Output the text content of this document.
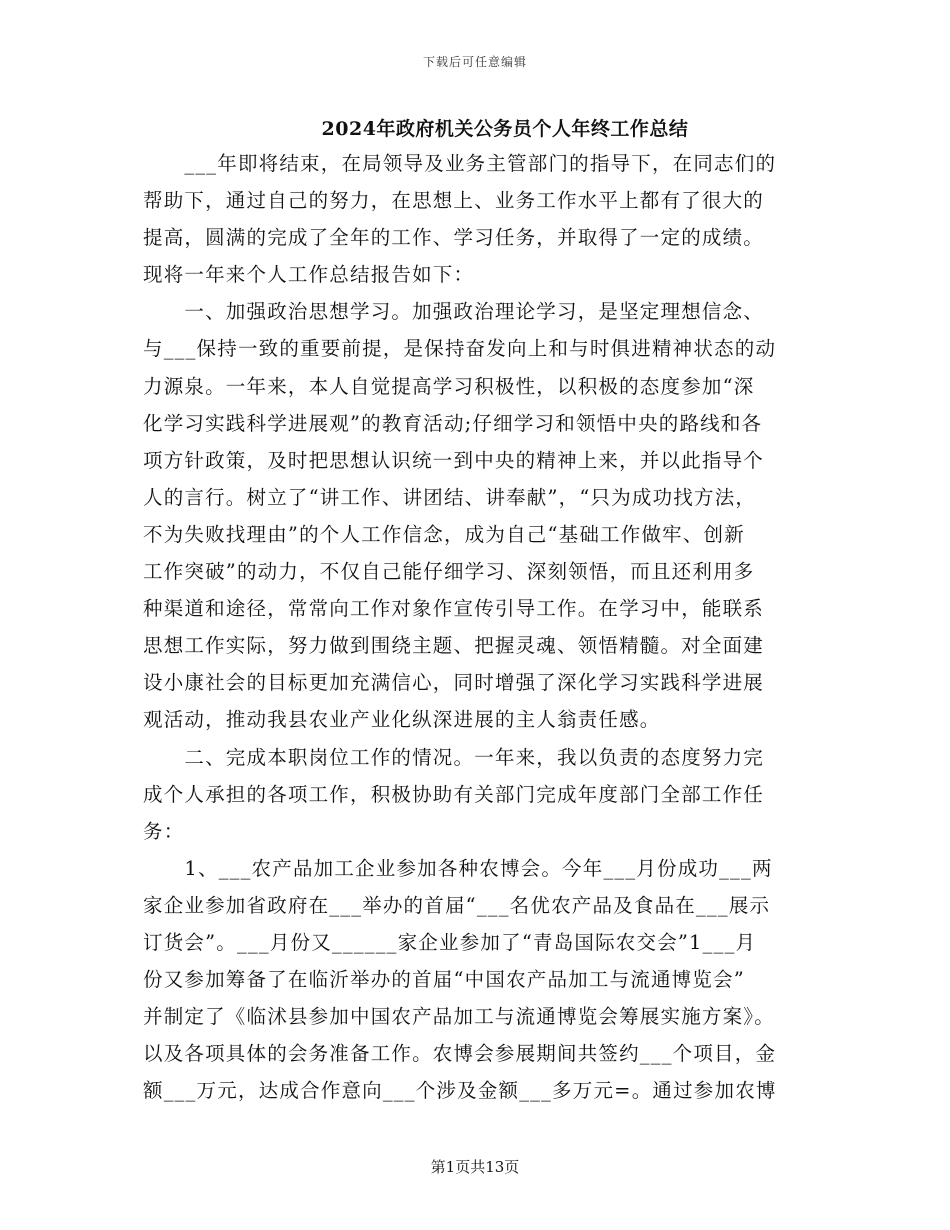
下载后可任意编辑
2024年政府机关公务员个人年终工作总结
　　___年即将结束，在局领导及业务主管部门的指导下，在同志们的
帮助下，通过自己的努力，在思想上、业务工作水平上都有了很大的
提高，圆满的完成了全年的工作、学习任务，并取得了一定的成绩。
现将一年来个人工作总结报告如下：
　　一、加强政治思想学习。加强政治理论学习，是坚定理想信念、
与___保持一致的重要前提，是保持奋发向上和与时俱进精神状态的动
力源泉。一年来，本人自觉提高学习积极性，以积极的态度参加“深
化学习实践科学进展观”的教育活动;仔细学习和领悟中央的路线和各
项方针政策，及时把思想认识统一到中央的精神上来，并以此指导个
人的言行。树立了“讲工作、讲团结、讲奉献”，“只为成功找方法，
不为失败找理由”的个人工作信念，成为自己“基础工作做牢、创新
工作突破”的动力，不仅自己能仔细学习、深刻领悟，而且还利用多
种渠道和途径，常常向工作对象作宣传引导工作。在学习中，能联系
思想工作实际，努力做到围绕主题、把握灵魂、领悟精髓。对全面建
设小康社会的目标更加充满信心，同时增强了深化学习实践科学进展
观活动，推动我县农业产业化纵深进展的主人翁责任感。
　　二、完成本职岗位工作的情况。一年来，我以负责的态度努力完
成个人承担的各项工作，积极协助有关部门完成年度部门全部工作任
务：
　　1、___农产品加工企业参加各种农博会。今年___月份成功___两
家企业参加省政府在___举办的首届“___名优农产品及食品在___展示
订货会”。___月份又______家企业参加了“青岛国际农交会”1___月
份又参加筹备了在临沂举办的首届“中国农产品加工与流通博览会”
并制定了《临沭县参加中国农产品加工与流通博览会筹展实施方案》。
以及各项具体的会务准备工作。农博会参展期间共签约___个项目，金
额___万元，达成合作意向___个涉及金额___多万元=。通过参加农博
第1页共13页
